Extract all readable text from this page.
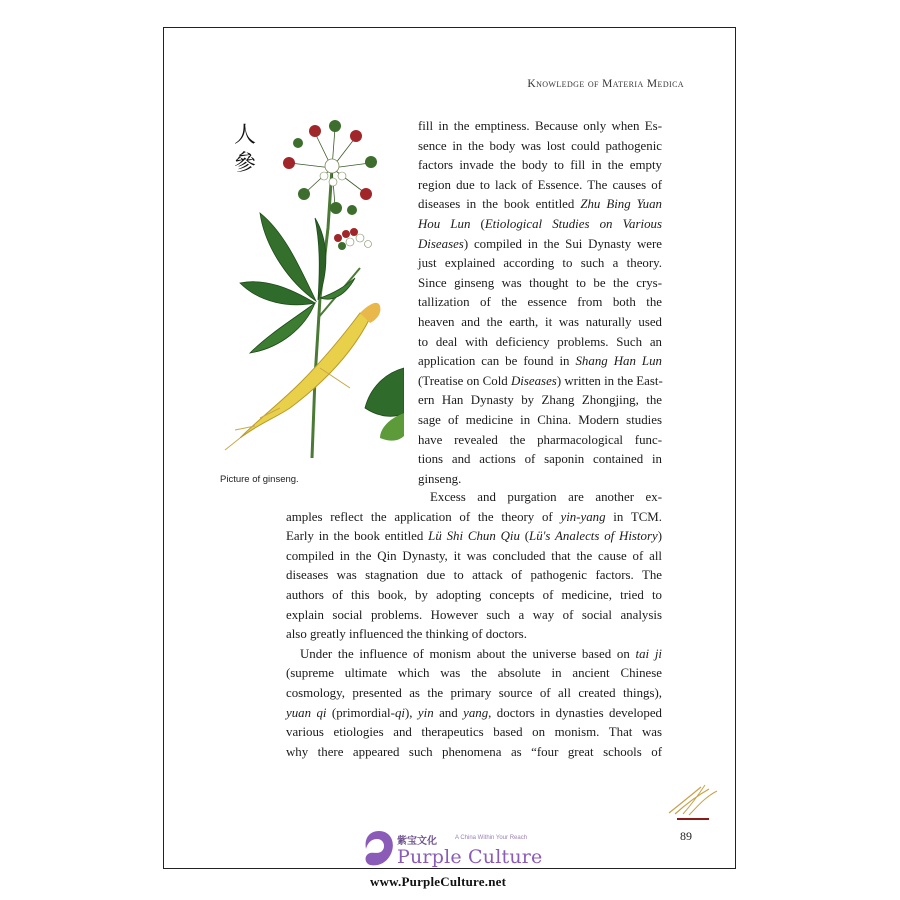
Knowledge of Materia Medica
人參
Picture of ginseng.
fill in the emptiness. Because only when Es-
sence in the body was lost could pathogenic
factors invade the body to fill in the empty
region due to lack of Essence. The causes of
diseases in the book entitled Zhu Bing Yuan
Hou Lun (Etiological Studies on Various
Diseases) compiled in the Sui Dynasty were
just explained according to such a theory.
Since ginseng was thought to be the crys-
tallization of the essence from both the
heaven and the earth, it was naturally used
to deal with deficiency problems. Such an
application can be found in Shang Han Lun
(Treatise on Cold Diseases) written in the East-
ern Han Dynasty by Zhang Zhongjing, the
sage of medicine in China. Modern studies
have revealed the pharmacological func-
tions and actions of saponin contained in
ginseng.
Excess and purgation are another ex-
amples reflect the application of the theory of yin-yang in TCM.
Early in the book entitled Lü Shi Chun Qiu (Lü's Analects of History)
compiled in the Qin Dynasty, it was concluded that the cause of all
diseases was stagnation due to attack of pathogenic factors. The
authors of this book, by adopting concepts of medicine, tried to
explain social problems. However such a way of social analysis
also greatly influenced the thinking of doctors.
Under the influence of monism about the universe based on tai ji
(supreme ultimate which was the absolute in ancient Chinese
cosmology, presented as the primary source of all created things),
yuan qi (primordial-qi), yin and yang, doctors in dynasties developed
various etiologies and therapeutics based on monism. That was
why there appeared such phenomena as “four great schools of
89
紫宝文化	A China Within Your Reach
Purple Culture
www.PurpleCulture.net
